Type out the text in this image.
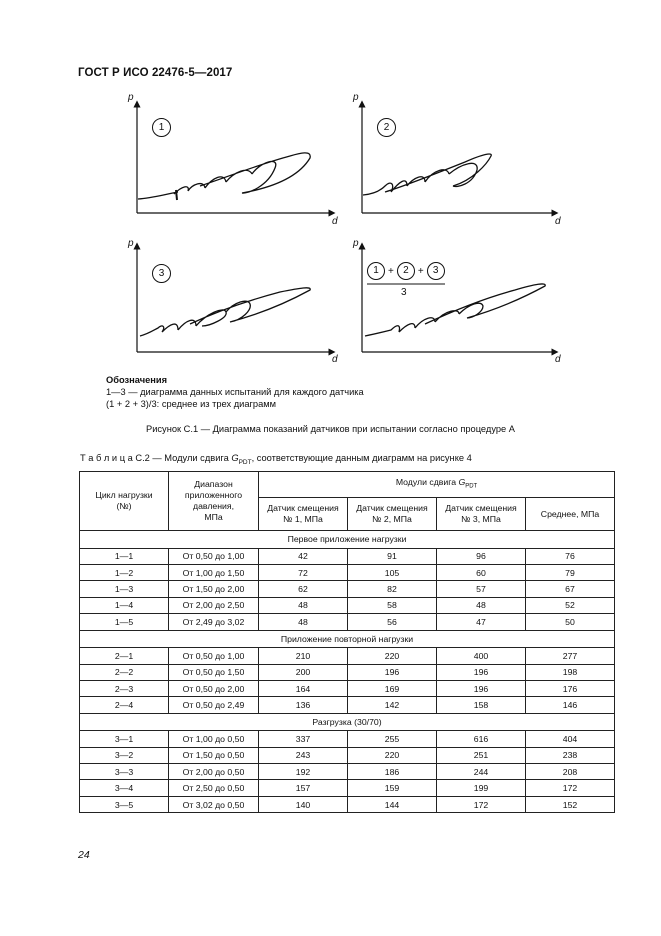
ГОСТ Р ИСО 22476-5—2017
p
d
1
p
d
2
p
d
3
p
d
1 + 2 + 3
3
Обозначения
1—3 — диаграмма данных испытаний для каждого датчика
(1 + 2 + 3)/3: среднее из трех диаграмм
Рисунок С.1 — Диаграмма показаний датчиков при испытании согласно процедуре А
Т а б л и ц а С.2 — Модули сдвига $G_{PDT}$, соответствующие данным диаграмм на рисунке 4
Цикл нагрузки (№)	Диапазон приложенного давления, МПа	Модули сдвига $G_{PDT}$
		Датчик смещения № 1, МПа	Датчик смещения № 2, МПа	Датчик смещения № 3, МПа	Среднее, МПа
Первое приложение нагрузки					
1—1	От 0,50 до 1,00	42	91	96	76
1—2	От 1,00 до 1,50	72	105	60	79
1—3	От 1,50 до 2,00	62	82	57	67
1—4	От 2,00 до 2,50	48	58	48	52
1—5	От 2,49 до 3,02	48	56	47	50
Приложение повторной нагрузки					
2—1	От 0,50 до 1,00	210	220	400	277
2—2	От 0,50 до 1,50	200	196	196	198
2—3	От 0,50 до 2,00	164	169	196	176
2—4	От 0,50 до 2,49	136	142	158	146
Разгрузка (30/70)					
3—1	От 1,00 до 0,50	337	255	616	404
3—2	От 1,50 до 0,50	243	220	251	238
3—3	От 2,00 до 0,50	192	186	244	208
3—4	От 2,50 до 0,50	157	159	199	172
3—5	От 3,02 до 0,50	140	144	172	152
24
